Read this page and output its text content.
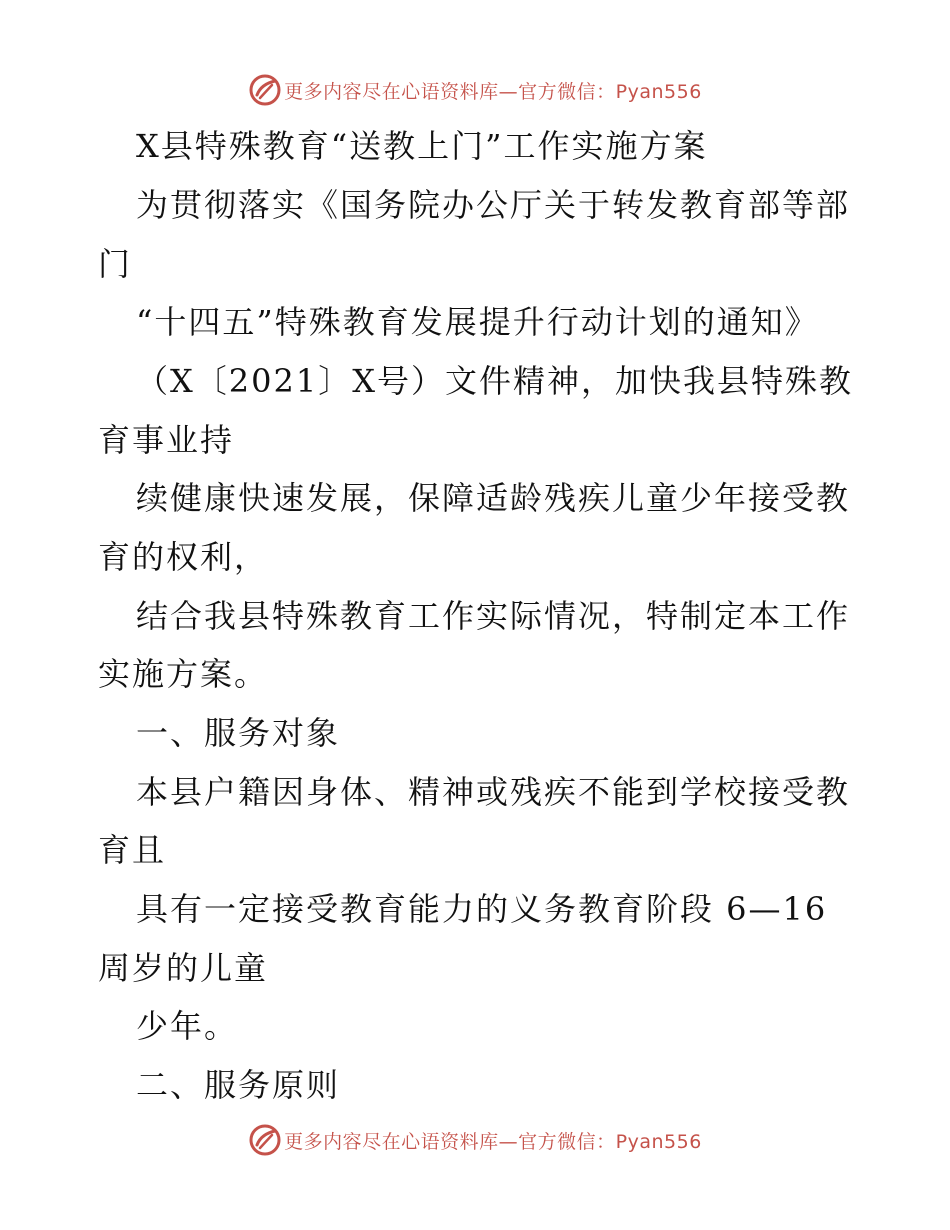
更多内容尽在心语资料库—官方微信：Pyan556

X县特殊教育“送教上门”工作实施方案

为贯彻落实《国务院办公厅关于转发教育部等部

门

“十四五”特殊教育发展提升行动计划的通知》

（X〔2021〕X号）文件精神，加快我县特殊教

育事业持

续健康快速发展，保障适龄残疾儿童少年接受教

育的权利，

结合我县特殊教育工作实际情况，特制定本工作

实施方案。

一、服务对象

本县户籍因身体、精神或残疾不能到学校接受教

育且

具有一定接受教育能力的义务教育阶段 6—16

周岁的儿童

少年。

二、服务原则

更多内容尽在心语资料库—官方微信：Pyan556
